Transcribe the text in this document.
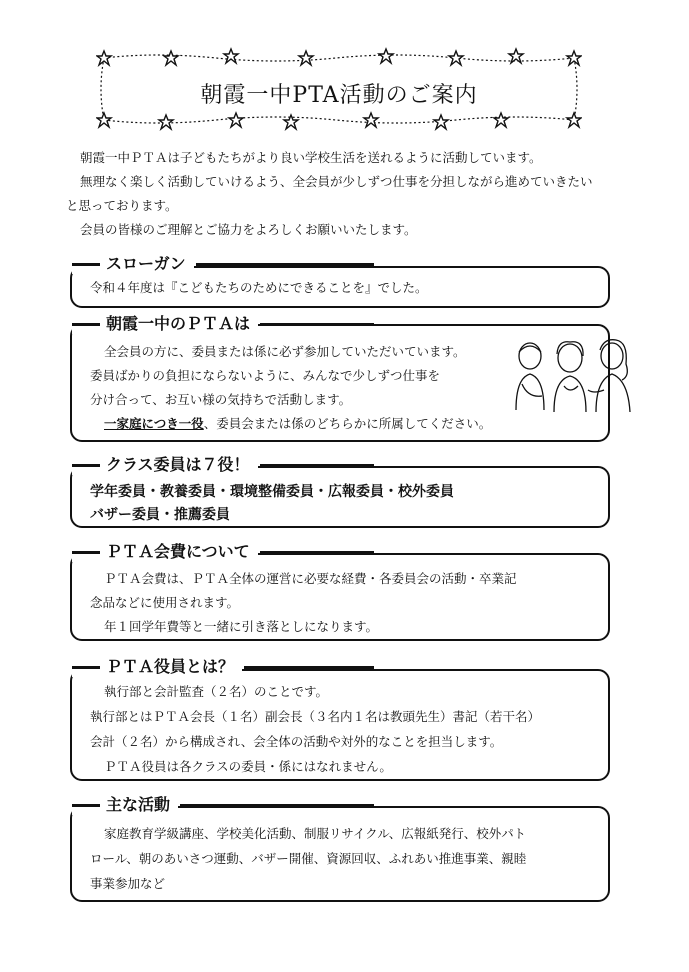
朝霞一中PTA活動のご案内
朝霞一中ＰＴＡは子どもたちがより良い学校生活を送れるように活動しています。
無理なく楽しく活動していけるよう、全会員が少しずつ仕事を分担しながら進めていきたい
と思っております。
会員の皆様のご理解とご協力をよろしくお願いいたします。
スローガン
令和４年度は『こどもたちのためにできることを』でした。
朝霞一中のＰＴＡは
全会員の方に、委員または係に必ず参加していただいています。
委員ばかりの負担にならないように、みんなで少しずつ仕事を
分け合って、お互い様の気持ちで活動します。
一家庭につき一役、委員会または係のどちらかに所属してください。
クラス委員は７役！
学年委員・教養委員・環境整備委員・広報委員・校外委員
バザー委員・推薦委員
ＰＴＡ会費について
ＰＴＡ会費は、ＰＴＡ全体の運営に必要な経費・各委員会の活動・卒業記
念品などに使用されます。
年１回学年費等と一緒に引き落としになります。
ＰＴＡ役員とは？
執行部と会計監査（２名）のことです。
執行部とはＰＴＡ会長（１名）副会長（３名内１名は教頭先生）書記（若干名）
会計（２名）から構成され、会全体の活動や対外的なことを担当します。
ＰＴＡ役員は各クラスの委員・係にはなれません。
主な活動
家庭教育学級講座、学校美化活動、制服リサイクル、広報紙発行、校外パト
ロール、朝のあいさつ運動、バザー開催、資源回収、ふれあい推進事業、親睦
事業参加など
